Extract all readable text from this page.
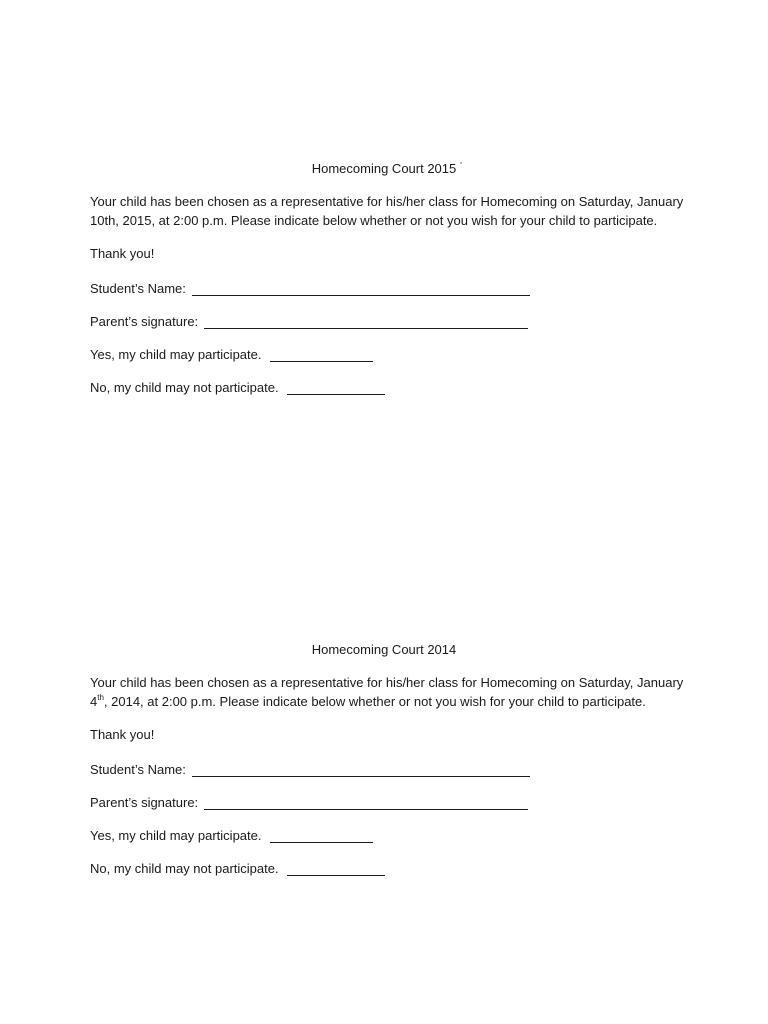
Homecoming Court 2015 ·
Your child has been chosen as a representative for his/her class for Homecoming on Saturday, January
10th, 2015, at 2:00 p.m. Please indicate below whether or not you wish for your child to participate.
Thank you!
Student’s Name:
Parent’s signature:
Yes, my child may participate.
No, my child may not participate.
Homecoming Court 2014
Your child has been chosen as a representative for his/her class for Homecoming on Saturday, January
4th, 2014, at 2:00 p.m. Please indicate below whether or not you wish for your child to participate.
Thank you!
Student’s Name:
Parent’s signature:
Yes, my child may participate.
No, my child may not participate.
